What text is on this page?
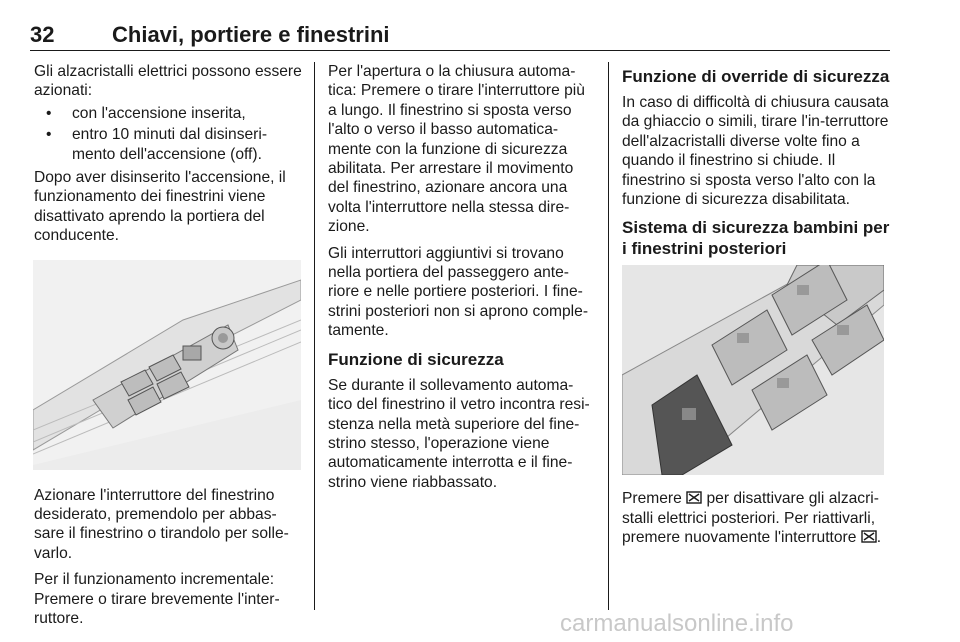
32	Chiavi, portiere e finestrini

Gli alzacristalli elettrici possono essere azionati:

• con l'accensione inserita,
• entro 10 minuti dal disinseri-mento dell'accensione (off).

Dopo aver disinserito l'accensione, il funzionamento dei finestrini viene disattivato aprendo la portiera del conducente.

Azionare l'interruttore del finestrino desiderato, premendolo per abbas-sare il finestrino o tirandolo per solle-varlo.

Per il funzionamento incrementale: Premere o tirare brevemente l'inter-ruttore.

Per l'apertura o la chiusura automa-tica: Premere o tirare l'interruttore più a lungo. Il finestrino si sposta verso l'alto o verso il basso automatica-mente con la funzione di sicurezza abilitata. Per arrestare il movimento del finestrino, azionare ancora una volta l'interruttore nella stessa dire-zione.

Gli interruttori aggiuntivi si trovano nella portiera del passeggero ante-riore e nelle portiere posteriori. I fine-strini posteriori non si aprono comple-tamente.

Funzione di sicurezza

Se durante il sollevamento automa-tico del finestrino il vetro incontra resi-stenza nella metà superiore del fine-strino stesso, l'operazione viene automaticamente interrotta e il fine-strino viene riabbassato.

Funzione di override di sicurezza

In caso di difficoltà di chiusura causata da ghiaccio o simili, tirare l'in-terruttore dell'alzacristalli diverse volte fino a quando il finestrino si chiude. Il finestrino si sposta verso l'alto con la funzione di sicurezza disabilitata.

Sistema di sicurezza bambini per i finestrini posteriori

Premere per disattivare gli alzacri-stalli elettrici posteriori. Per riattivarli, premere nuovamente l'interruttore .

carmanualsonline.info
